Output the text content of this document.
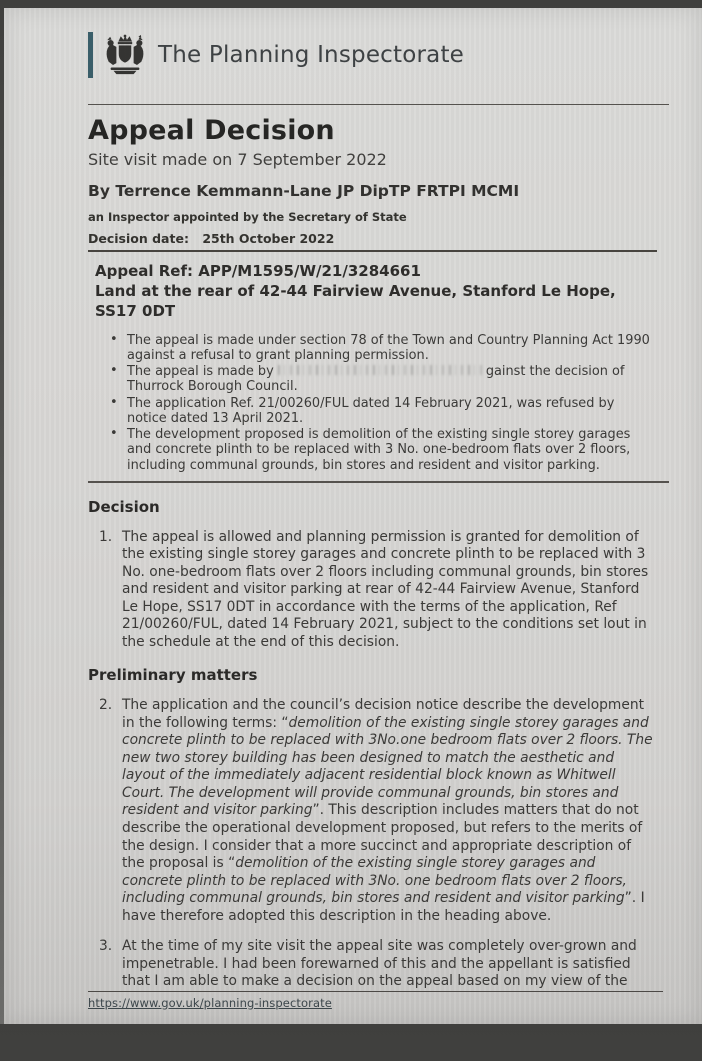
The Planning Inspectorate
Appeal Decision
Site visit made on 7 September 2022
By Terrence Kemmann-Lane JP DipTP FRTPI MCMI
an Inspector appointed by the Secretary of State
Decision date: 25th October 2022
Appeal Ref: APP/M1595/W/21/3284661
Land at the rear of 42-44 Fairview Avenue, Stanford Le Hope, SS17 0DT
• The appeal is made under section 78 of the Town and Country Planning Act 1990 against a refusal to grant planning permission.
• The appeal is made by	gainst the decision of Thurrock Borough Council.
• The application Ref. 21/00260/FUL dated 14 February 2021, was refused by notice dated 13 April 2021.
• The development proposed is demolition of the existing single storey garages and concrete plinth to be replaced with 3 No. one-bedroom flats over 2 floors, including communal grounds, bin stores and resident and visitor parking.
Decision
1. The appeal is allowed and planning permission is granted for demolition of the existing single storey garages and concrete plinth to be replaced with 3 No. one-bedroom flats over 2 floors including communal grounds, bin stores and resident and visitor parking at rear of 42-44 Fairview Avenue, Stanford Le Hope, SS17 0DT in accordance with the terms of the application, Ref 21/00260/FUL, dated 14 February 2021, subject to the conditions set lout in the schedule at the end of this decision.
Preliminary matters
2. The application and the council’s decision notice describe the development in the following terms: “demolition of the existing single storey garages and concrete plinth to be replaced with 3No.one bedroom flats over 2 floors. The new two storey building has been designed to match the aesthetic and layout of the immediately adjacent residential block known as Whitwell Court. The development will provide communal grounds, bin stores and resident and visitor parking”. This description includes matters that do not describe the operational development proposed, but refers to the merits of the design. I consider that a more succinct and appropriate description of the proposal is “demolition of the existing single storey garages and concrete plinth to be replaced with 3No. one bedroom flats over 2 floors, including communal grounds, bin stores and resident and visitor parking”. I have therefore adopted this description in the heading above.
3. At the time of my site visit the appeal site was completely over-grown and impenetrable. I had been forewarned of this and the appellant is satisfied that I am able to make a decision on the appeal based on my view of the
https://www.gov.uk/planning-inspectorate
